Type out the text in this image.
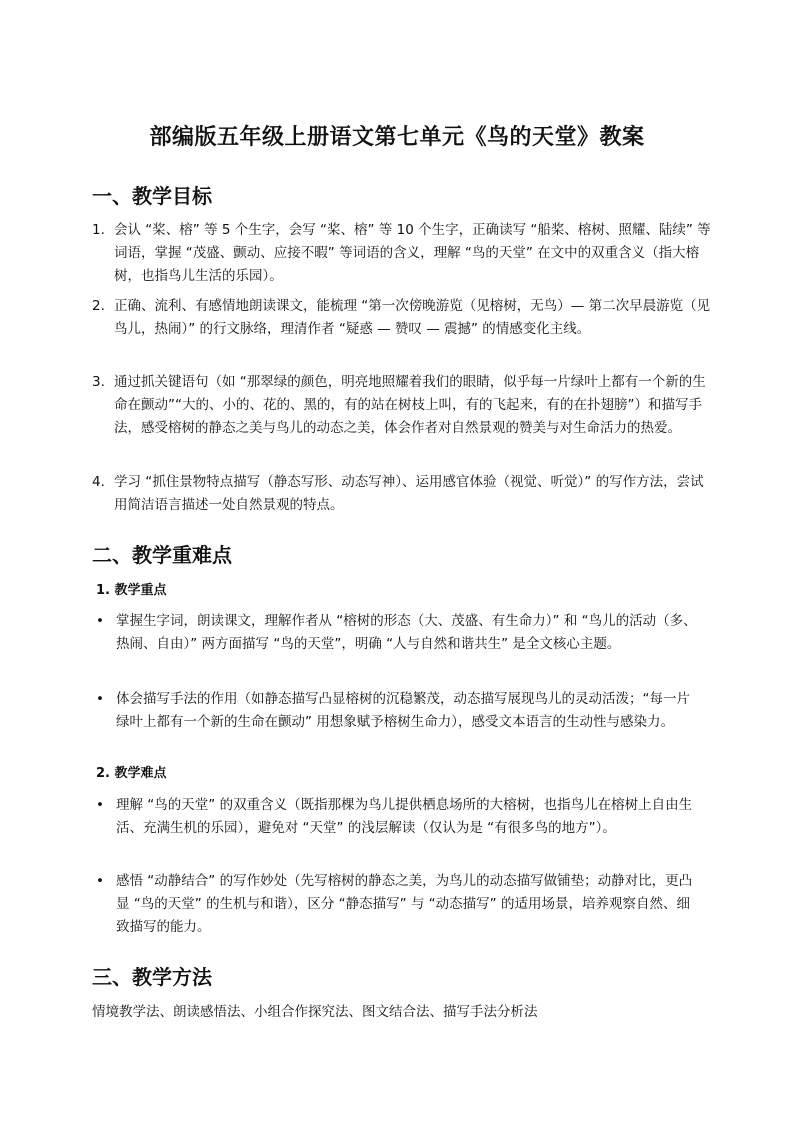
部编版五年级上册语文第七单元《鸟的天堂》教案
一、教学目标
1. 会认 “桨、榕” 等 5 个生字，会写 “桨、榕” 等 10 个生字，正确读写 “船桨、榕树、照耀、陆续” 等词语，掌握 “茂盛、颤动、应接不暇” 等词语的含义，理解 “鸟的天堂” 在文中的双重含义（指大榕树，也指鸟儿生活的乐园）。
2. 正确、流利、有感情地朗读课文，能梳理 “第一次傍晚游览（见榕树，无鸟）— 第二次早晨游览（见鸟儿，热闹）” 的行文脉络，理清作者 “疑惑 — 赞叹 — 震撼” 的情感变化主线。
3. 通过抓关键语句（如 “那翠绿的颜色，明亮地照耀着我们的眼睛，似乎每一片绿叶上都有一个新的生命在颤动”“大的、小的、花的、黑的，有的站在树枝上叫，有的飞起来，有的在扑翅膀”）和描写手法，感受榕树的静态之美与鸟儿的动态之美，体会作者对自然景观的赞美与对生命活力的热爱。
4. 学习 “抓住景物特点描写（静态写形、动态写神）、运用感官体验（视觉、听觉）” 的写作方法，尝试用简洁语言描述一处自然景观的特点。
二、教学重难点
1. 教学重点
• 掌握生字词，朗读课文，理解作者从 “榕树的形态（大、茂盛、有生命力）” 和 “鸟儿的活动（多、热闹、自由）” 两方面描写 “鸟的天堂”，明确 “人与自然和谐共生” 是全文核心主题。
• 体会描写手法的作用（如静态描写凸显榕树的沉稳繁茂，动态描写展现鸟儿的灵动活泼；“每一片绿叶上都有一个新的生命在颤动” 用想象赋予榕树生命力），感受文本语言的生动性与感染力。
2. 教学难点
• 理解 “鸟的天堂” 的双重含义（既指那棵为鸟儿提供栖息场所的大榕树，也指鸟儿在榕树上自由生活、充满生机的乐园），避免对 “天堂” 的浅层解读（仅认为是 “有很多鸟的地方”）。
• 感悟 “动静结合” 的写作妙处（先写榕树的静态之美，为鸟儿的动态描写做铺垫；动静对比，更凸显 “鸟的天堂” 的生机与和谐），区分 “静态描写” 与 “动态描写” 的适用场景，培养观察自然、细致描写的能力。
三、教学方法
情境教学法、朗读感悟法、小组合作探究法、图文结合法、描写手法分析法
